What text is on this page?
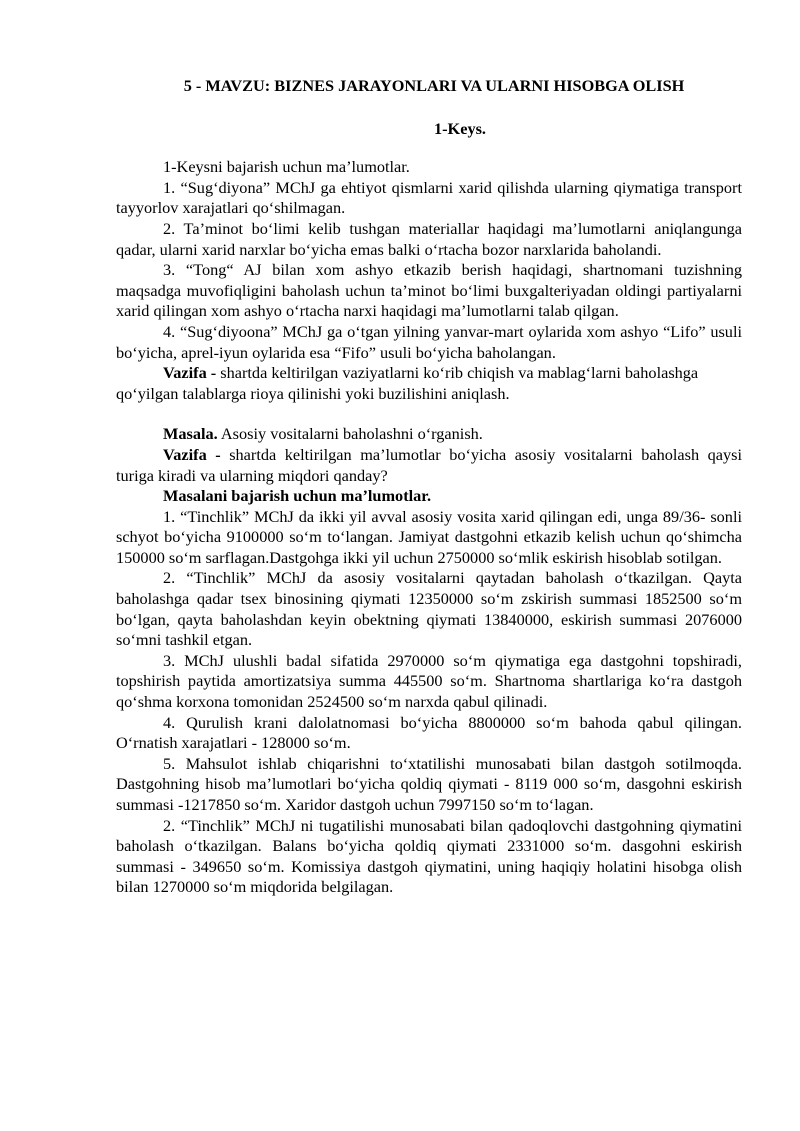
5 - MAVZU: BIZNES JARAYONLARI VA ULARNI HISOBGA OLISH

1-Keys.

1-Keysni bajarish uchun ma’lumotlar.

1. “Sug‘diyona” MChJ ga ehtiyot qismlarni xarid qilishda ularning qiymatiga transport tayyorlov xarajatlari qo‘shilmagan.

2. Ta’minot bo‘limi kelib tushgan materiallar haqidagi ma’lumotlarni aniqlangunga qadar, ularni xarid narxlar bo‘yicha emas balki o‘rtacha bozor narxlarida baholandi.

3. “Tong“ AJ bilan xom ashyo etkazib berish haqidagi, shartnomani tuzishning maqsadga muvofiqligini baholash uchun ta’minot bo‘limi buxgalteriyadan oldingi partiyalarni xarid qilingan xom ashyo o‘rtacha narxi haqidagi ma’lumotlarni talab qilgan.

4. “Sug‘diyoona” MChJ ga o‘tgan yilning yanvar-mart oylarida xom ashyo “Lifo” usuli bo‘yicha, aprel-iyun oylarida esa “Fifo” usuli bo‘yicha baholangan.

Vazifa - shartda keltirilgan vaziyatlarni ko‘rib chiqish va mablag‘larni baholashga qo‘yilgan talablarga rioya qilinishi yoki buzilishini aniqlash.

Masala. Asosiy vositalarni baholashni o‘rganish.

Vazifa - shartda keltirilgan ma’lumotlar bo‘yicha asosiy vositalarni baholash qaysi turiga kiradi va ularning miqdori qanday?

Masalani bajarish uchun ma’lumotlar.

1. “Tinchlik” MChJ da ikki yil avval asosiy vosita xarid qilingan edi, unga 89/36- sonli schyot bo‘yicha 9100000 so‘m to‘langan. Jamiyat dastgohni etkazib kelish uchun qo‘shimcha 150000 so‘m sarflagan.Dastgohga ikki yil uchun 2750000 so‘mlik eskirish hisoblab sotilgan.

2. “Tinchlik” MChJ da asosiy vositalarni qaytadan baholash o‘tkazilgan. Qayta baholashga qadar tsex binosining qiymati 12350000 so‘m zskirish summasi 1852500 so‘m bo‘lgan, qayta baholashdan keyin obektning qiymati 13840000, eskirish summasi 2076000 so‘mni tashkil etgan.

3. MChJ ulushli badal sifatida 2970000 so‘m qiymatiga ega dastgohni topshiradi, topshirish paytida amortizatsiya summa 445500 so‘m. Shartnoma shartlariga ko‘ra dastgoh qo‘shma korxona tomonidan 2524500 so‘m narxda qabul qilinadi.

4. Qurulish krani dalolatnomasi bo‘yicha 8800000 so‘m bahoda qabul qilingan. O‘rnatish xarajatlari - 128000 so‘m.

5. Mahsulot ishlab chiqarishni to‘xtatilishi munosabati bilan dastgoh sotilmoqda. Dastgohning hisob ma’lumotlari bo‘yicha qoldiq qiymati - 8119 000 so‘m, dasgohni eskirish summasi -1217850 so‘m. Xaridor dastgoh uchun 7997150 so‘m to‘lagan.

2. “Tinchlik” MChJ ni tugatilishi munosabati bilan qadoqlovchi dastgohning qiymatini baholash o‘tkazilgan. Balans bo‘yicha qoldiq qiymati 2331000 so‘m. dasgohni eskirish summasi - 349650 so‘m. Komissiya dastgoh qiymatini, uning haqiqiy holatini hisobga olish bilan 1270000 so‘m miqdorida belgilagan.
